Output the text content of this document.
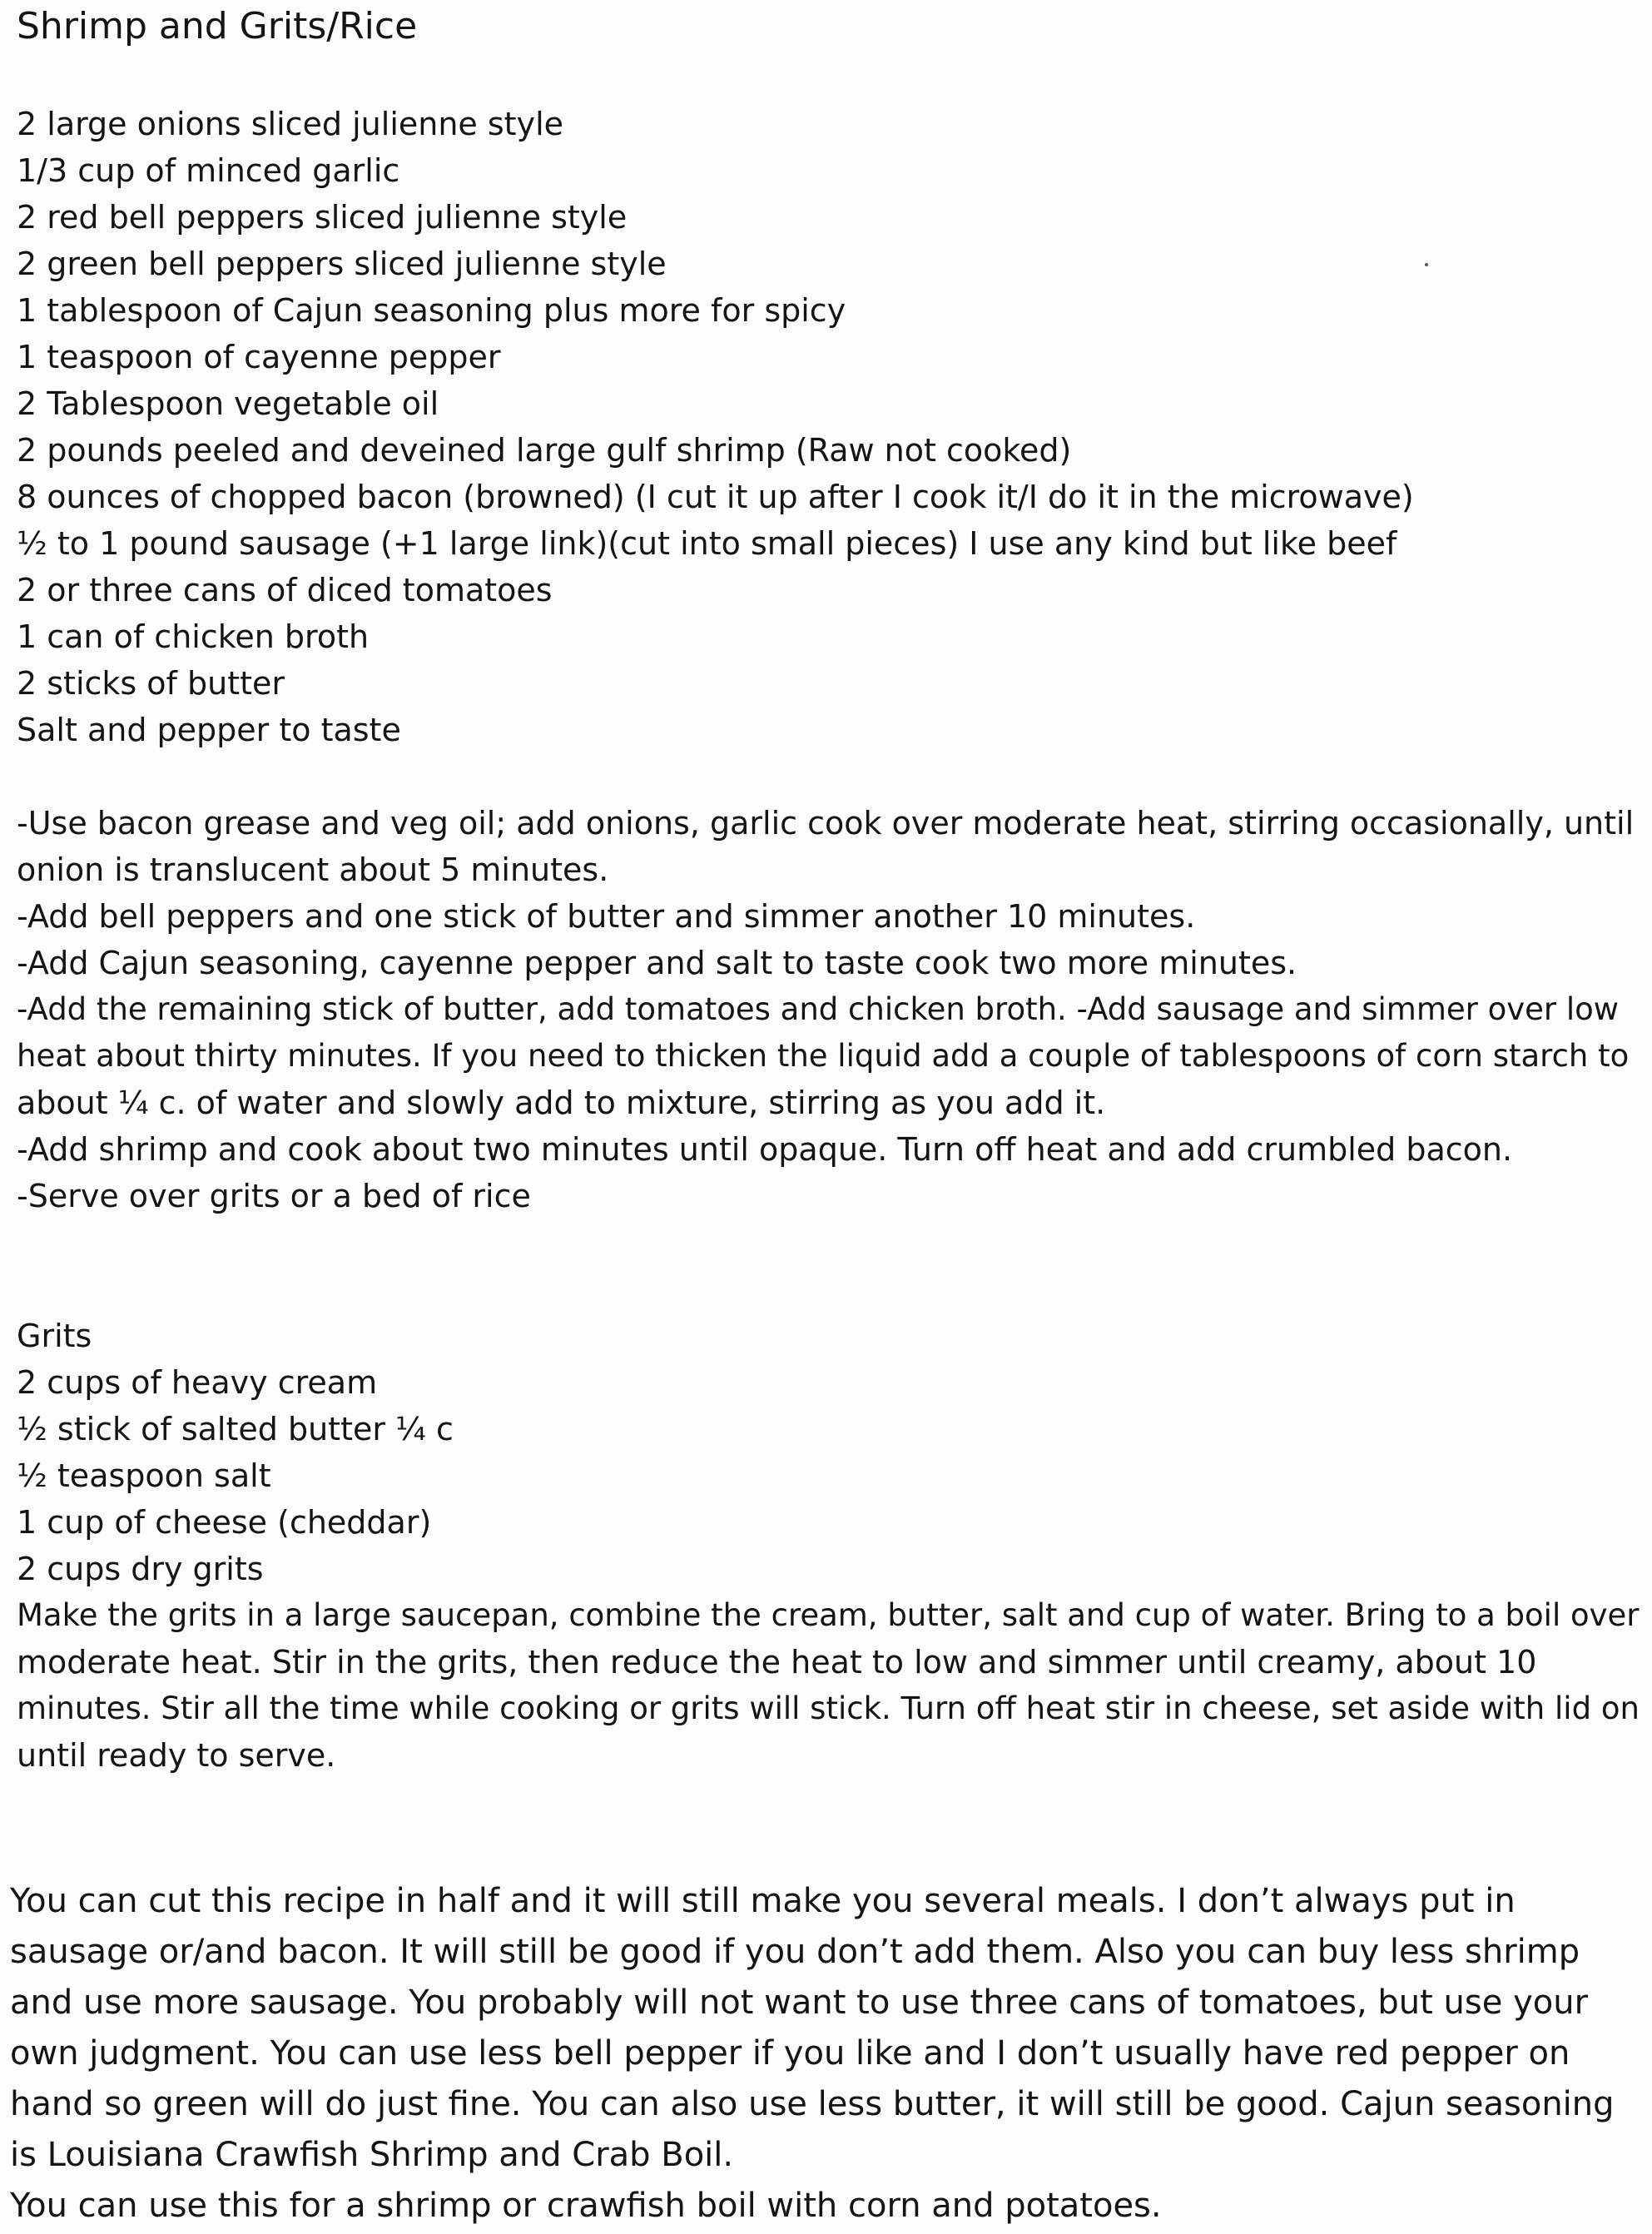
Shrimp and Grits/Rice
2 large onions sliced julienne style
1/3 cup of minced garlic
2 red bell peppers sliced julienne style
2 green bell peppers sliced julienne style
1 tablespoon of Cajun seasoning plus more for spicy
1 teaspoon of cayenne pepper
2 Tablespoon vegetable oil
2 pounds peeled and deveined large gulf shrimp (Raw not cooked)
8 ounces of chopped bacon (browned) (I cut it up after I cook it/I do it in the microwave)
½ to 1 pound sausage (+1 large link)(cut into small pieces) I use any kind but like beef
2 or three cans of diced tomatoes
1 can of chicken broth
2 sticks of butter
Salt and pepper to taste
-Use bacon grease and veg oil; add onions, garlic cook over moderate heat, stirring occasionally, until
onion is translucent about 5 minutes.
-Add bell peppers and one stick of butter and simmer another 10 minutes.
-Add Cajun seasoning, cayenne pepper and salt to taste cook two more minutes.
-Add the remaining stick of butter, add tomatoes and chicken broth. -Add sausage and simmer over low
heat about thirty minutes. If you need to thicken the liquid add a couple of tablespoons of corn starch to
about ¼ c. of water and slowly add to mixture, stirring as you add it.
-Add shrimp and cook about two minutes until opaque. Turn off heat and add crumbled bacon.
-Serve over grits or a bed of rice
Grits
2 cups of heavy cream
½ stick of salted butter ¼ c
½ teaspoon salt
1 cup of cheese (cheddar)
2 cups dry grits
Make the grits in a large saucepan, combine the cream, butter, salt and cup of water. Bring to a boil over
moderate heat. Stir in the grits, then reduce the heat to low and simmer until creamy, about 10
minutes. Stir all the time while cooking or grits will stick. Turn off heat stir in cheese, set aside with lid on
until ready to serve.
You can cut this recipe in half and it will still make you several meals. I don’t always put in
sausage or/and bacon. It will still be good if you don’t add them. Also you can buy less shrimp
and use more sausage. You probably will not want to use three cans of tomatoes, but use your
own judgment. You can use less bell pepper if you like and I don’t usually have red pepper on
hand so green will do just fine. You can also use less butter, it will still be good. Cajun seasoning
is Louisiana Crawfish Shrimp and Crab Boil.
You can use this for a shrimp or crawfish boil with corn and potatoes.
